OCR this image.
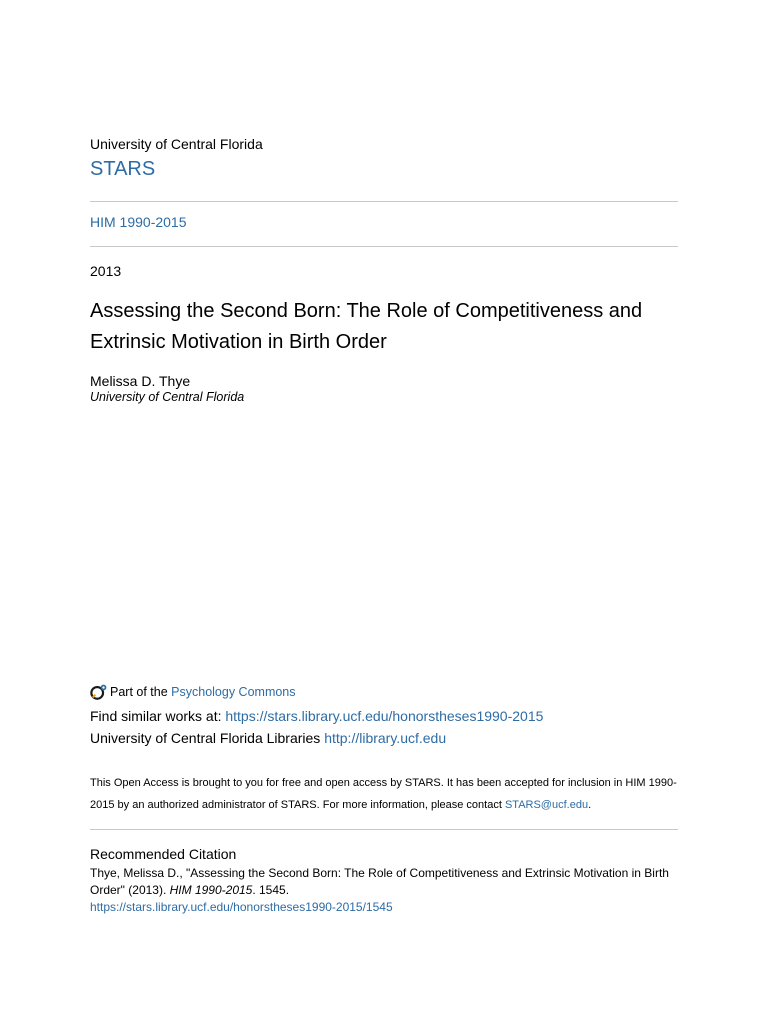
University of Central Florida
STARS
HIM 1990-2015
2013
Assessing the Second Born: The Role of Competitiveness and Extrinsic Motivation in Birth Order
Melissa D. Thye
University of Central Florida
Part of the Psychology Commons
Find similar works at: https://stars.library.ucf.edu/honorstheses1990-2015
University of Central Florida Libraries http://library.ucf.edu
This Open Access is brought to you for free and open access by STARS. It has been accepted for inclusion in HIM 1990-2015 by an authorized administrator of STARS. For more information, please contact STARS@ucf.edu.
Recommended Citation
Thye, Melissa D., "Assessing the Second Born: The Role of Competitiveness and Extrinsic Motivation in Birth Order" (2013). HIM 1990-2015. 1545.
https://stars.library.ucf.edu/honorstheses1990-2015/1545
